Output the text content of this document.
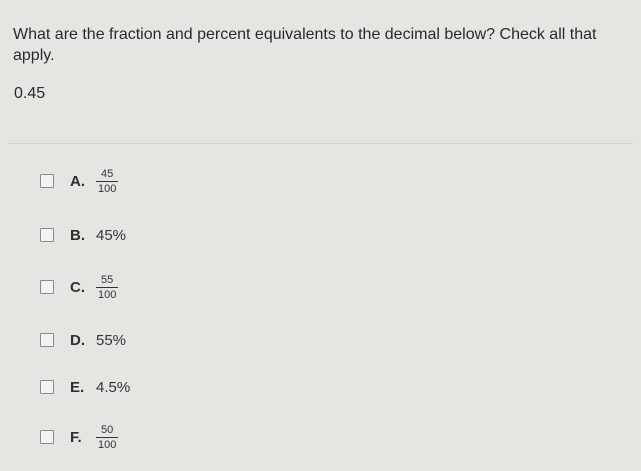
What are the fraction and percent equivalents to the decimal below? Check all that apply.
0.45
A. $\frac{45}{100}$
B. 45%
C. $\frac{55}{100}$
D. 55%
E. 4.5%
F.	$\frac{50}{100}$
